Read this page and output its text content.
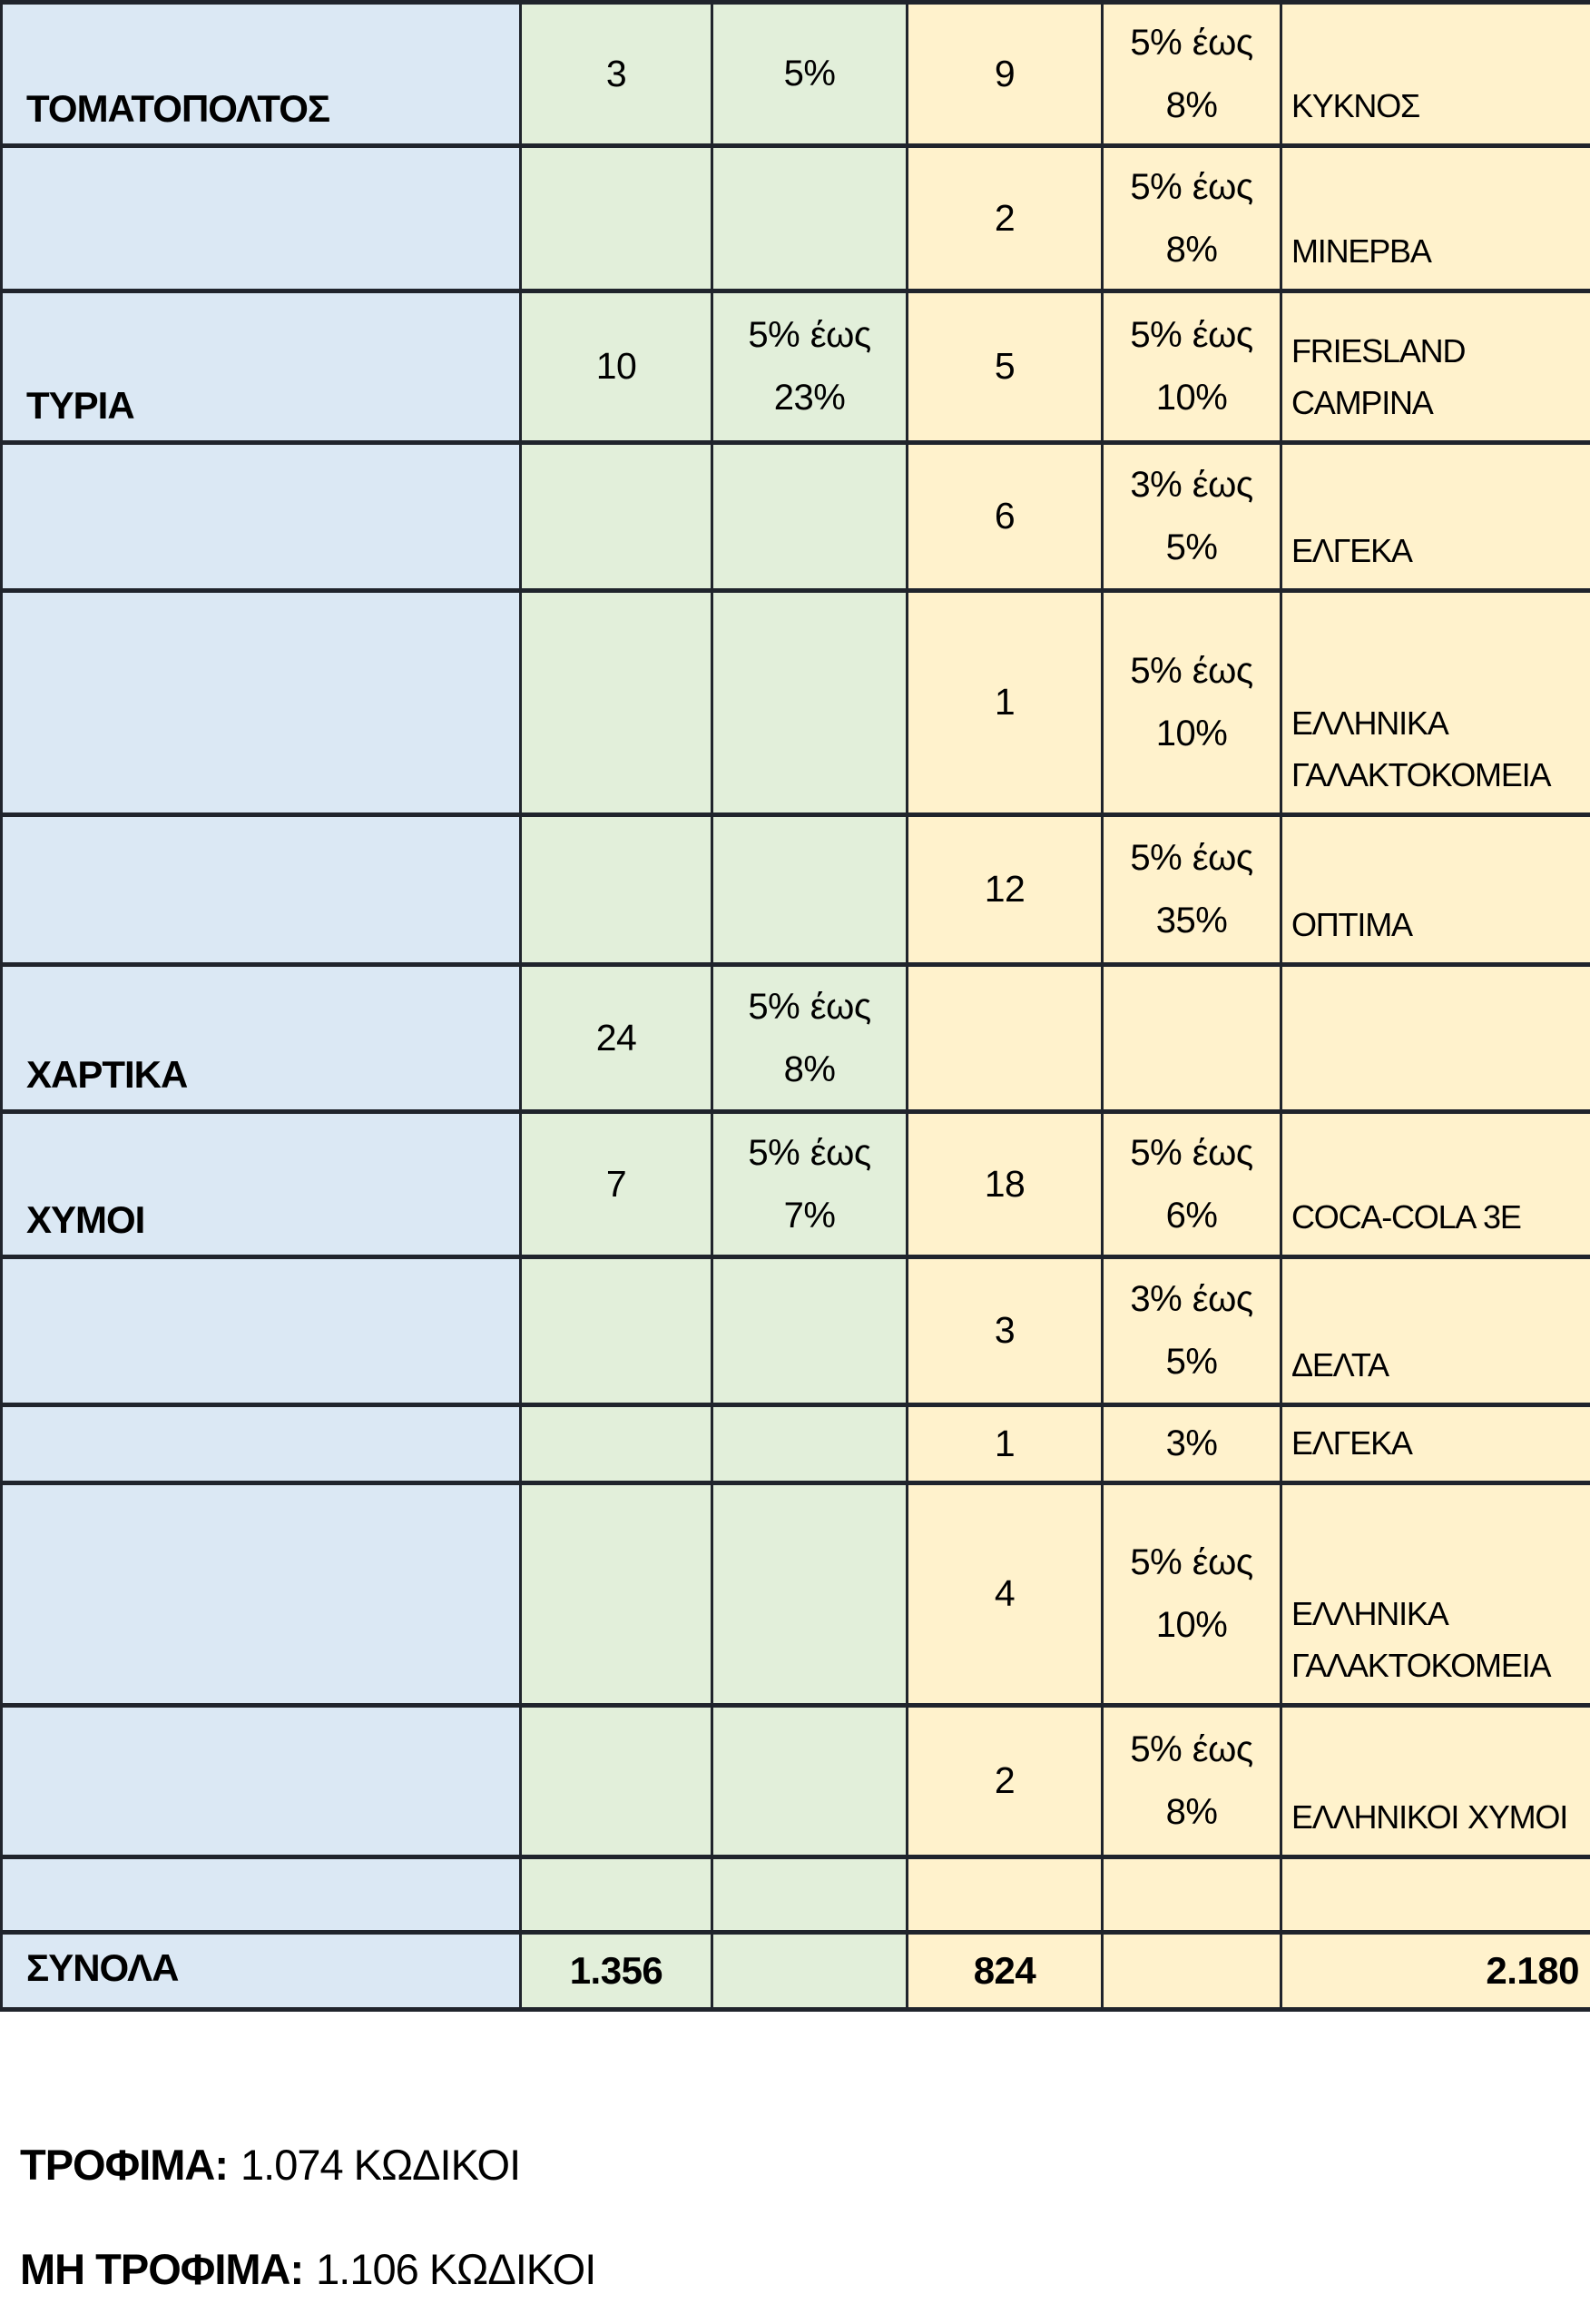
ΤΟΜΑΤΟΠΟΛΤΟΣ	3	5%	9	5% έως 8%	ΚΥΚΝΟΣ
			2	5% έως 8%	ΜΙΝΕΡΒΑ
ΤΥΡΙΑ	10	5% έως 23%	5	5% έως 10%	FRIESLAND CAMPINA
			6	3% έως 5%	ΕΛΓΕΚΑ
			1	5% έως 10%	ΕΛΛΗΝΙΚΑ ΓΑΛΑΚΤΟΚΟΜΕΙΑ
			12	5% έως 35%	ΟΠΤΙΜΑ
ΧΑΡΤΙΚΑ	24	5% έως 8%			
ΧΥΜΟΙ	7	5% έως 7%	18	5% έως 6%	COCA-COLA 3E
			3	3% έως 5%	ΔΕΛΤΑ
			1	3%	ΕΛΓΕΚΑ
			4	5% έως 10%	ΕΛΛΗΝΙΚΑ ΓΑΛΑΚΤΟΚΟΜΕΙΑ
			2	5% έως 8%	ΕΛΛΗΝΙΚΟΙ ΧΥΜΟΙ

ΣΥΝΟΛΑ	1.356		824		2.180

ΤΡΟΦΙΜΑ: 1.074 ΚΩΔΙΚΟΙ

ΜΗ ΤΡΟΦΙΜΑ: 1.106 ΚΩΔΙΚΟΙ
